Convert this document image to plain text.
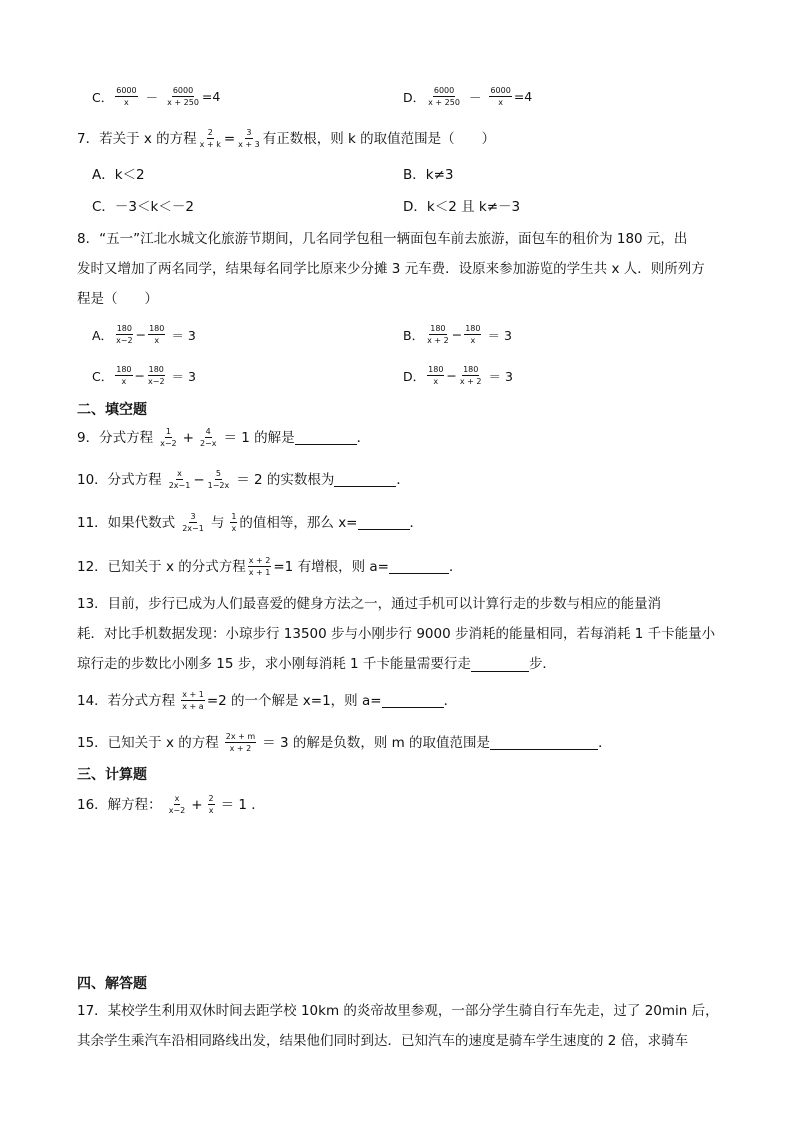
C． $\frac{6000}{x} - \frac{6000}{x + 250} =4$	D． $\frac{6000}{x + 250} - \frac{6000}{x} =4$
7．若关于 x 的方程 $\frac{2}{x + k} = \frac{3}{x + 3}$ 有正数根，则 k 的取值范围是（　　）
A．k＜2	B．k≠3
C．－3＜k＜－2	D．k＜2 且 k≠－3
8．“五一”江北水城文化旅游节期间，几名同学包租一辆面包车前去旅游，面包车的租价为 180 元，出
发时又增加了两名同学，结果每名同学比原来少分摊 3 元车费．设原来参加游览的学生共 x 人．则所列方
程是（　　）
A． $\frac{180}{x-2} - \frac{180}{x} = 3$	B． $\frac{180}{x + 2} - \frac{180}{x} = 3$
C． $\frac{180}{x} - \frac{180}{x-2} = 3$	D． $\frac{180}{x} - \frac{180}{x + 2} = 3$
二、填空题
9．分式方程 $\frac{1}{x-2} + \frac{4}{2-x} = 1$ 的解是	．
10．分式方程 $\frac{x}{2x-1} - \frac{5}{1-2x} = 2$ 的实数根为	．
11．如果代数式 $\frac{3}{2x-1}$ 与 $\frac{1}{x}$ 的值相等，那么 x=	．
12．已知关于 x 的分式方程 $\frac{x + 2}{x + 1} =1$ 有增根，则 a=	．
13．目前，步行已成为人们最喜爱的健身方法之一，通过手机可以计算行走的步数与相应的能量消
耗．对比手机数据发现：小琼步行 13500 步与小刚步行 9000 步消耗的能量相同，若每消耗 1 千卡能量小
琼行走的步数比小刚多 15 步，求小刚每消耗 1 千卡能量需要行走	步．
14．若分式方程 $\frac{x + 1}{x + a} =2$ 的一个解是 x=1，则 a=	．
15．已知关于 x 的方程 $\frac{2x + m}{x + 2} = 3$ 的解是负数，则 m 的取值范围是	．
三、计算题
16．解方程： $\frac{x}{x-2} + \frac{2}{x} = 1$ ．
四、解答题
17．某校学生利用双休时间去距学校 10km 的炎帝故里参观，一部分学生骑自行车先走，过了 20min 后，
其余学生乘汽车沿相同路线出发，结果他们同时到达．已知汽车的速度是骑车学生速度的 2 倍，求骑车
